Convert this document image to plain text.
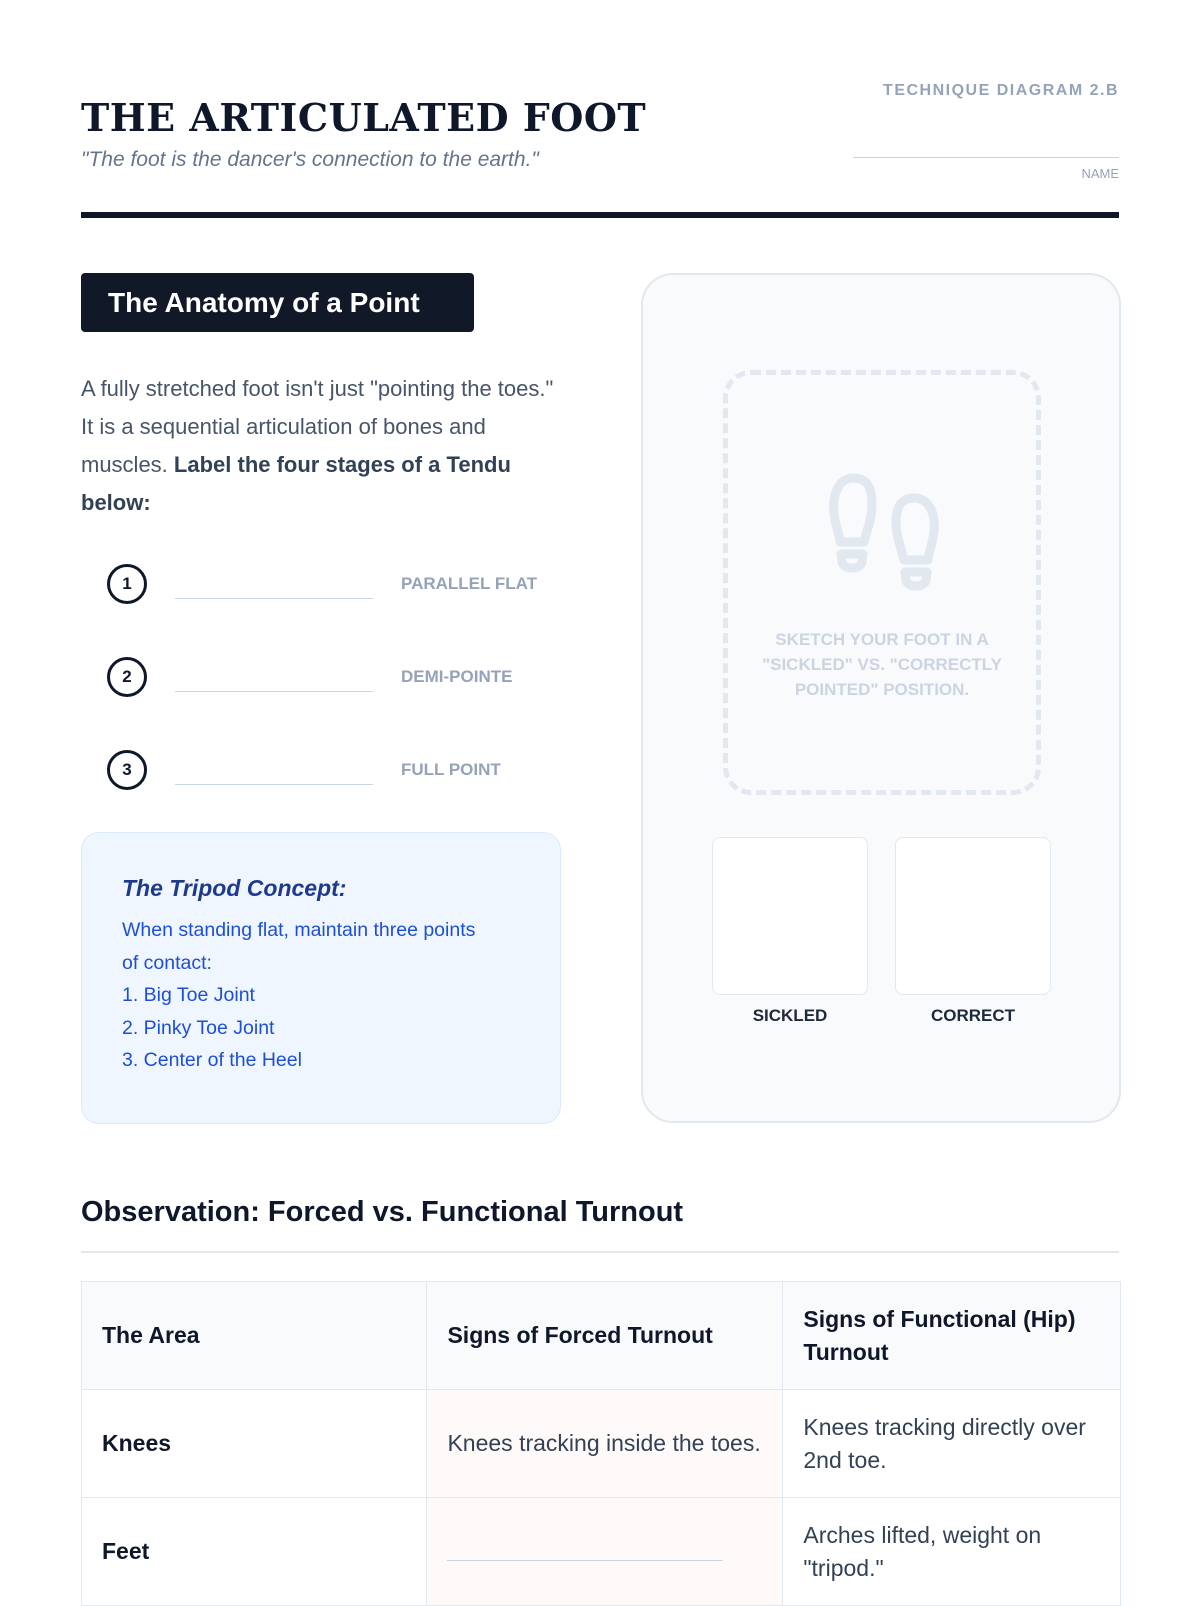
THE ARTICULATED FOOT
"The foot is the dancer's connection to the earth."
TECHNIQUE DIAGRAM 2.B
NAME
The Anatomy of a Point
A fully stretched foot isn't just "pointing the toes." It is a sequential articulation of bones and muscles. Label the four stages of a Tendu below:
1	PARALLEL FLAT
2	DEMI-POINTE
3	FULL POINT
The Tripod Concept:
When standing flat, maintain three points
of contact:
1. Big Toe Joint
2. Pinky Toe Joint
3. Center of the Heel
SKETCH YOUR FOOT IN A
"SICKLED" VS. "CORRECTLY
POINTED" POSITION.
SICKLED	CORRECT
Observation: Forced vs. Functional Turnout
The Area	Signs of Forced Turnout	Signs of Functional (Hip) Turnout
Knees	Knees tracking inside the toes.	Knees tracking directly over 2nd toe.
Feet		Arches lifted, weight on "tripod."
